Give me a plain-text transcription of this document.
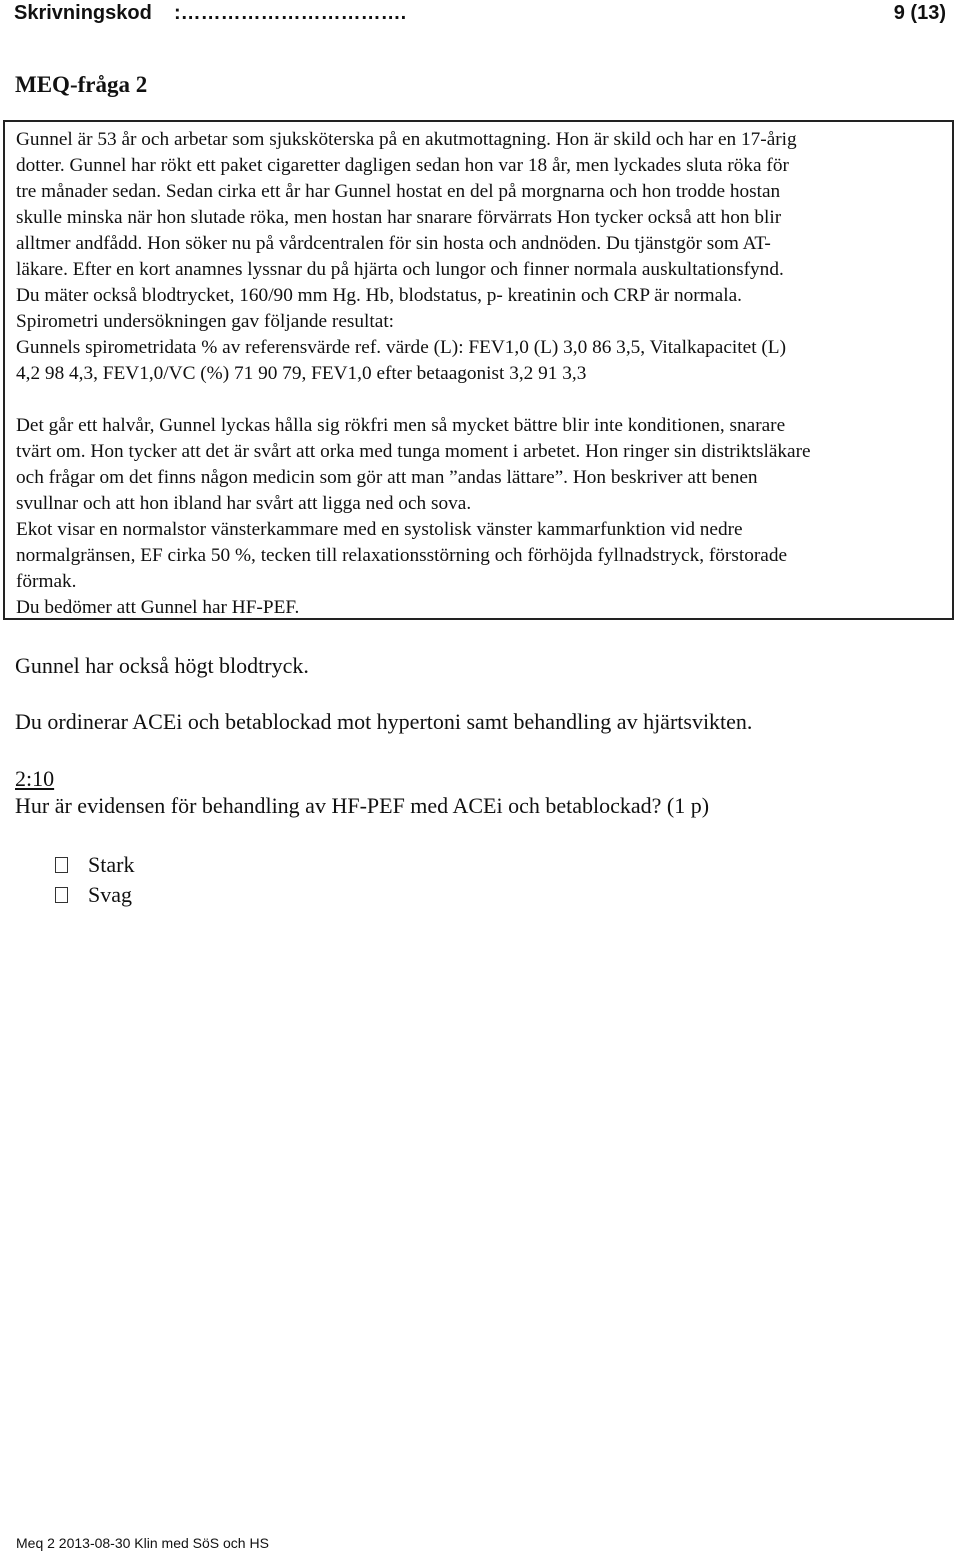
Skrivningskod :…………………………….	9 (13)
MEQ-fråga 2

Gunnel är 53 år och arbetar som sjuksköterska på en akutmottagning. Hon är skild och har en 17-årig

dotter. Gunnel har rökt ett paket cigaretter dagligen sedan hon var 18 år, men lyckades sluta röka för

tre månader sedan. Sedan cirka ett år har Gunnel hostat en del på morgnarna och hon trodde hostan

skulle minska när hon slutade röka, men hostan har snarare förvärrats Hon tycker också att hon blir

alltmer andfådd. Hon söker nu på vårdcentralen för sin hosta och andnöden. Du tjänstgör som AT-

läkare. Efter en kort anamnes lyssnar du på hjärta och lungor och finner normala auskultationsfynd.

Du mäter också blodtrycket, 160/90 mm Hg. Hb, blodstatus, p- kreatinin och CRP är normala.

Spirometri undersökningen gav följande resultat:

Gunnels spirometridata % av referensvärde ref. värde (L): FEV1,0 (L) 3,0 86 3,5, Vitalkapacitet (L)

4,2 98 4,3, FEV1,0/VC (%) 71 90 79, FEV1,0 efter betaagonist 3,2 91 3,3

Det går ett halvår, Gunnel lyckas hålla sig rökfri men så mycket bättre blir inte konditionen, snarare

tvärt om. Hon tycker att det är svårt att orka med tunga moment i arbetet. Hon ringer sin distriktsläkare

och frågar om det finns någon medicin som gör att man ”andas lättare”. Hon beskriver att benen

svullnar och att hon ibland har svårt att ligga ned och sova.

Ekot visar en normalstor vänsterkammare med en systolisk vänster kammarfunktion vid nedre

normalgränsen, EF cirka 50 %, tecken till relaxationsstörning och förhöjda fyllnadstryck, förstorade

förmak.

Du bedömer att Gunnel har HF-PEF.

Gunnel har också högt blodtryck.
Du ordinerar ACEi och betablockad mot hypertoni samt behandling av hjärtsvikten.
2:10
Hur är evidensen för behandling av HF-PEF med ACEi och betablockad? (1 p)
Stark
Svag
Meq 2 2013-08-30 Klin med SöS och HS
